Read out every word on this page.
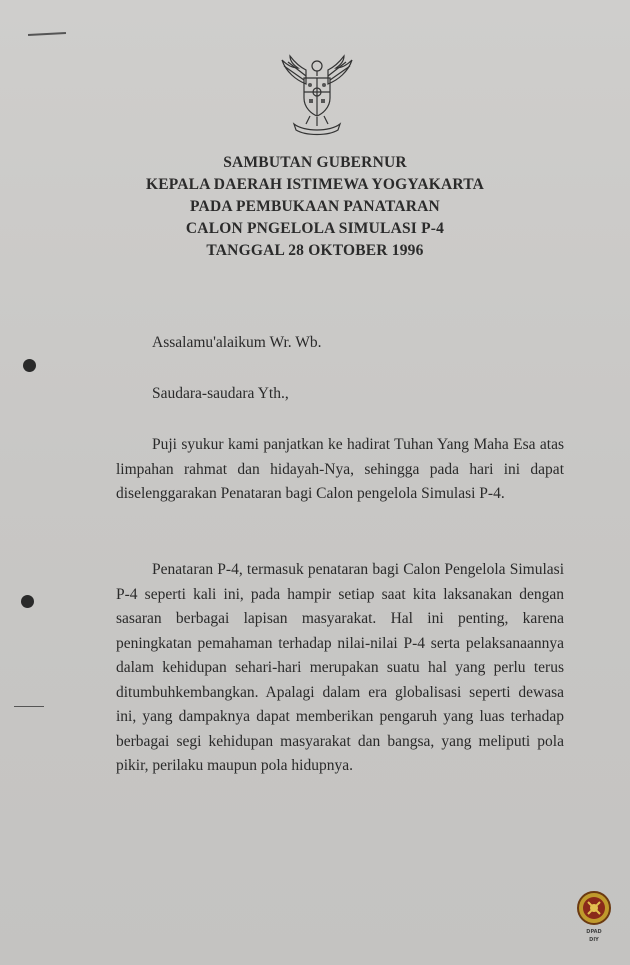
SAMBUTAN GUBERNUR
KEPALA DAERAH ISTIMEWA YOGYAKARTA
PADA PEMBUKAAN PANATARAN
CALON PNGELOLA SIMULASI P-4
TANGGAL 28 OKTOBER 1996
Assalamu'alaikum Wr. Wb.
Saudara-saudara Yth.,
Puji syukur kami panjatkan ke hadirat Tuhan Yang Maha Esa atas limpahan rahmat dan hidayah-Nya, sehingga pada hari ini dapat diselenggarakan Penataran bagi Calon pengelola Simulasi P-4.
Penataran P-4, termasuk penataran bagi Calon Pengelola Simulasi P-4 seperti kali ini, pada hampir setiap saat kita laksanakan dengan sasaran berbagai lapisan masyarakat. Hal ini penting, karena peningkatan pemahaman terhadap nilai-nilai P-4 serta pelaksanaannya dalam kehidupan sehari-hari merupakan suatu hal yang perlu terus ditumbuhkembangkan. Apalagi dalam era globalisasi seperti dewasa ini, yang dampaknya dapat memberikan pengaruh yang luas terhadap berbagai segi kehidupan masyarakat dan bangsa, yang meliputi pola pikir, perilaku maupun pola hidupnya.
DPAD
DIY
